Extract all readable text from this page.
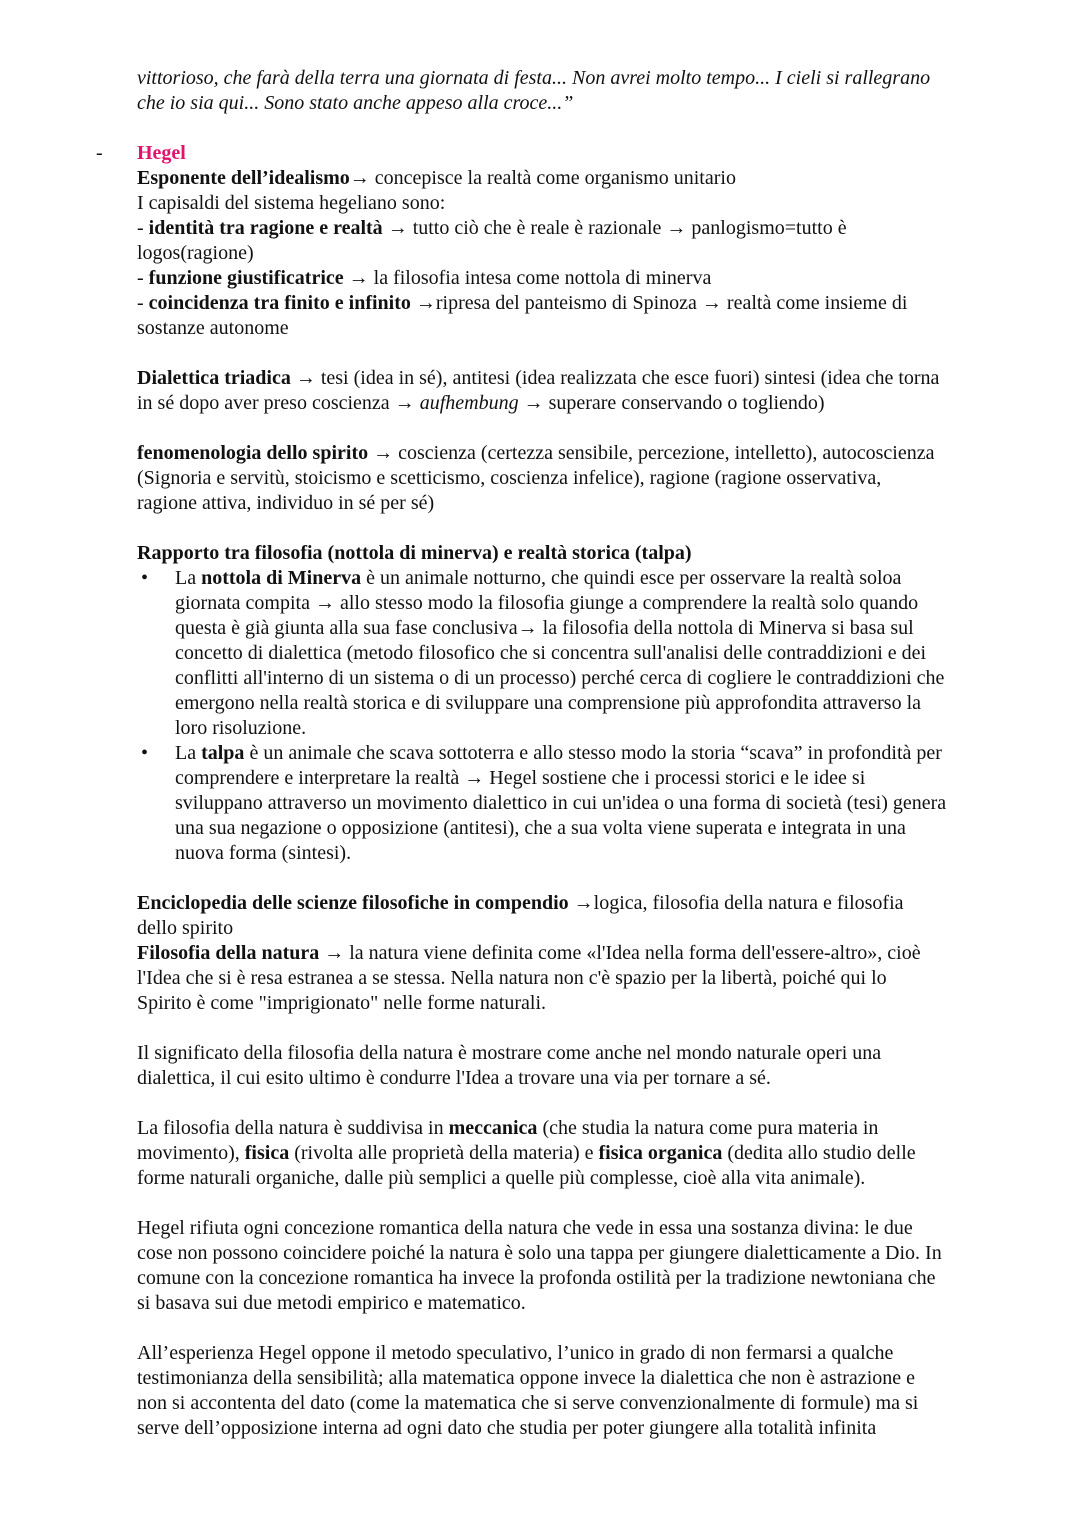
vittorioso, che farà della terra una giornata di festa... Non avrei molto tempo... I cieli si rallegrano

che io sia qui... Sono stato anche appeso alla croce...”

- Hegel

Esponente dell’idealismo→ concepisce la realtà come organismo unitario

I capisaldi del sistema hegeliano sono:

- identità tra ragione e realtà → tutto ciò che è reale è razionale → panlogismo=tutto è

logos(ragione)

- funzione giustificatrice → la filosofia intesa come nottola di minerva

- coincidenza tra finito e infinito →ripresa del panteismo di Spinoza → realtà come insieme di

sostanze autonome

Dialettica triadica → tesi (idea in sé), antitesi (idea realizzata che esce fuori) sintesi (idea che torna

in sé dopo aver preso coscienza → aufhembung → superare conservando o togliendo)

fenomenologia dello spirito → coscienza (certezza sensibile, percezione, intelletto), autocoscienza

(Signoria e servitù, stoicismo e scetticismo, coscienza infelice), ragione (ragione osservativa,

ragione attiva, individuo in sé per sé)

Rapporto tra filosofia (nottola di minerva) e realtà storica (talpa)

• La nottola di Minerva è un animale notturno, che quindi esce per osservare la realtà soloa

giornata compita → allo stesso modo la filosofia giunge a comprendere la realtà solo quando

questa è già giunta alla sua fase conclusiva→ la filosofia della nottola di Minerva si basa sul

concetto di dialettica (metodo filosofico che si concentra sull'analisi delle contraddizioni e dei

conflitti all'interno di un sistema o di un processo) perché cerca di cogliere le contraddizioni che

emergono nella realtà storica e di sviluppare una comprensione più approfondita attraverso la

loro risoluzione.

• La talpa è un animale che scava sottoterra e allo stesso modo la storia “scava” in profondità per

comprendere e interpretare la realtà → Hegel sostiene che i processi storici e le idee si

sviluppano attraverso un movimento dialettico in cui un'idea o una forma di società (tesi) genera

una sua negazione o opposizione (antitesi), che a sua volta viene superata e integrata in una

nuova forma (sintesi).

Enciclopedia delle scienze filosofiche in compendio →logica, filosofia della natura e filosofia

dello spirito

Filosofia della natura → la natura viene definita come «l'Idea nella forma dell'essere-altro», cioè

l'Idea che si è resa estranea a se stessa. Nella natura non c'è spazio per la libertà, poiché qui lo

Spirito è come "imprigionato" nelle forme naturali.

Il significato della filosofia della natura è mostrare come anche nel mondo naturale operi una

dialettica, il cui esito ultimo è condurre l'Idea a trovare una via per tornare a sé.

La filosofia della natura è suddivisa in meccanica (che studia la natura come pura materia in

movimento), fisica (rivolta alle proprietà della materia) e fisica organica (dedita allo studio delle

forme naturali organiche, dalle più semplici a quelle più complesse, cioè alla vita animale).

Hegel rifiuta ogni concezione romantica della natura che vede in essa una sostanza divina: le due

cose non possono coincidere poiché la natura è solo una tappa per giungere dialetticamente a Dio. In

comune con la concezione romantica ha invece la profonda ostilità per la tradizione newtoniana che

si basava sui due metodi empirico e matematico.

All’esperienza Hegel oppone il metodo speculativo, l’unico in grado di non fermarsi a qualche

testimonianza della sensibilità; alla matematica oppone invece la dialettica che non è astrazione e

non si accontenta del dato (come la matematica che si serve convenzionalmente di formule) ma si

serve dell’opposizione interna ad ogni dato che studia per poter giungere alla totalità infinita
